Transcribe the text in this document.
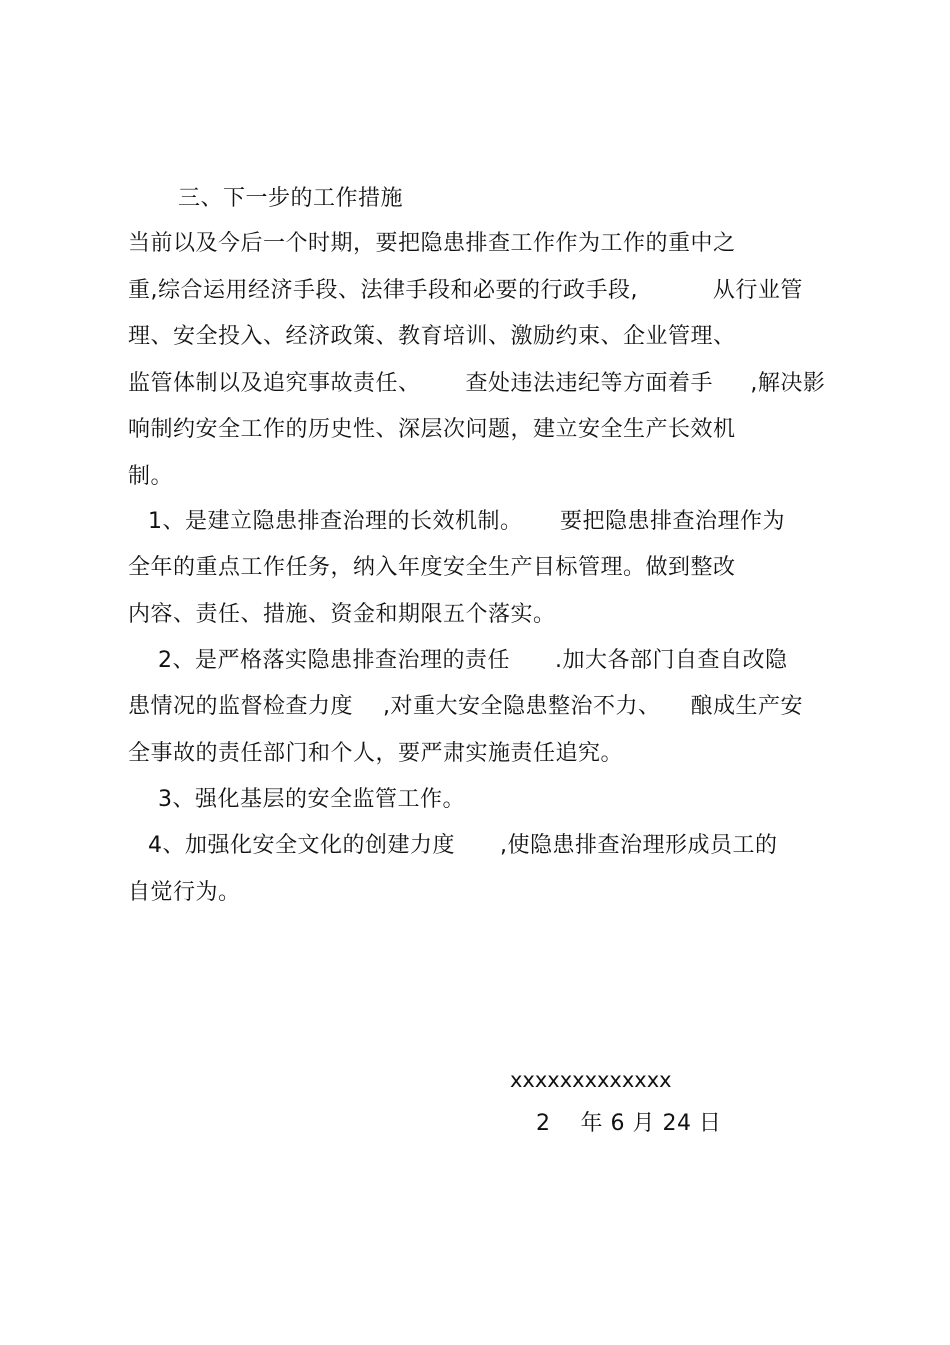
三、下一步的工作措施
当前以及今后一个时期，要把隐患排查工作作为工作的重中之
重,综合运用经济手段、法律手段和必要的行政手段,          从行业管
理、安全投入、经济政策、教育培训、激励约束、企业管理、
监管体制以及追究事故责任、      查处违法违纪等方面着手     ,解决影
响制约安全工作的历史性、深层次问题，建立安全生产长效机
制。
1、是建立隐患排查治理的长效机制。     要把隐患排查治理作为
全年的重点工作任务，纳入年度安全生产目标管理。做到整改
内容、责任、措施、资金和期限五个落实。
2、是严格落实隐患排查治理的责任      .加大各部门自查自改隐
患情况的监督检查力度    ,对重大安全隐患整治不力、    酿成生产安
全事故的责任部门和个人，要严肃实施责任追究。
3、强化基层的安全监管工作。
4、加强化安全文化的创建力度      ,使隐患排查治理形成员工的
自觉行为。
xxxxxxxxxxxxx
2    年 6 月 24 日
